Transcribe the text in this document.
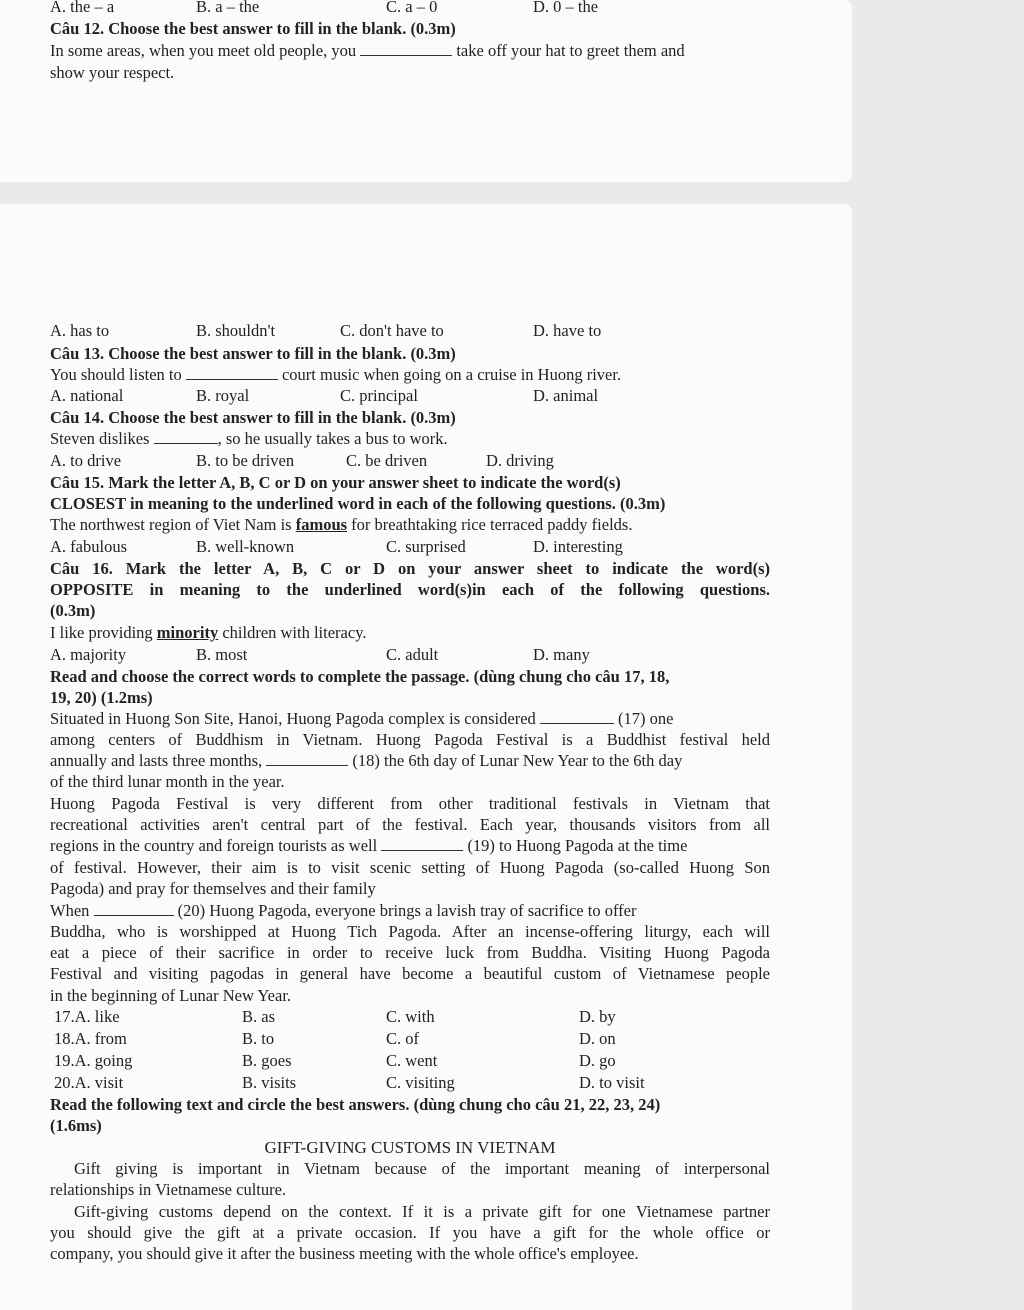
A. the – a	B. a – the	C. a – 0	D. 0 – the
Câu 12. Choose the best answer to fill in the blank. (0.3m)
In some areas, when you meet old people, you	take off your hat to greet them and
show your respect.
A. has to	B. shouldn't	C. don't have to	D. have to
Câu 13. Choose the best answer to fill in the blank. (0.3m)
You should listen to	court music when going on a cruise in Huong river.
A. national	B. royal	C. principal	D. animal
Câu 14. Choose the best answer to fill in the blank. (0.3m)
Steven dislikes	, so he usually takes a bus to work.
A. to drive	B. to be driven	C. be driven	D. driving
Câu 15. Mark the letter A, B, C or D on your answer sheet to indicate the word(s)
CLOSEST in meaning to the underlined word in each of the following questions. (0.3m)
The northwest region of Viet Nam is famous for breathtaking rice terraced paddy fields.
A. fabulous	B. well-known	C. surprised	D. interesting
Câu 16. Mark the letter A, B, C or D on your answer sheet to indicate the word(s)
OPPOSITE in meaning to the underlined word(s)in each of the following questions.
(0.3m)
I like providing minority children with literacy.
A. majority	B. most	C. adult	D. many
Read and choose the correct words to complete the passage. (dùng chung cho câu 17, 18,
19, 20) (1.2ms)
Situated in Huong Son Site, Hanoi, Huong Pagoda complex is considered	(17) one
among centers of Buddhism in Vietnam. Huong Pagoda Festival is a Buddhist festival held
annually and lasts three months,	(18) the 6th day of Lunar New Year to the 6th day
of the third lunar month in the year.
Huong Pagoda Festival is very different from other traditional festivals in Vietnam that
recreational activities aren't central part of the festival. Each year, thousands visitors from all
regions in the country and foreign tourists as well	(19) to Huong Pagoda at the time
of festival. However, their aim is to visit scenic setting of Huong Pagoda (so-called Huong Son
Pagoda) and pray for themselves and their family
When	(20) Huong Pagoda, everyone brings a lavish tray of sacrifice to offer
Buddha, who is worshipped at Huong Tich Pagoda. After an incense-offering liturgy, each will
eat a piece of their sacrifice in order to receive luck from Buddha. Visiting Huong Pagoda
Festival and visiting pagodas in general have become a beautiful custom of Vietnamese people
in the beginning of Lunar New Year.
17.A. like	B. as	C. with	D. by
18.A. from	B. to	C. of	D. on
19.A. going	B. goes	C. went	D. go
20.A. visit	B. visits	C. visiting	D. to visit
Read the following text and circle the best answers. (dùng chung cho câu 21, 22, 23, 24)
(1.6ms)
GIFT-GIVING CUSTOMS IN VIETNAM
Gift giving is important in Vietnam because of the important meaning of interpersonal
relationships in Vietnamese culture.
Gift-giving customs depend on the context. If it is a private gift for one Vietnamese partner
you should give the gift at a private occasion. If you have a gift for the whole office or
company, you should give it after the business meeting with the whole office's employee.
